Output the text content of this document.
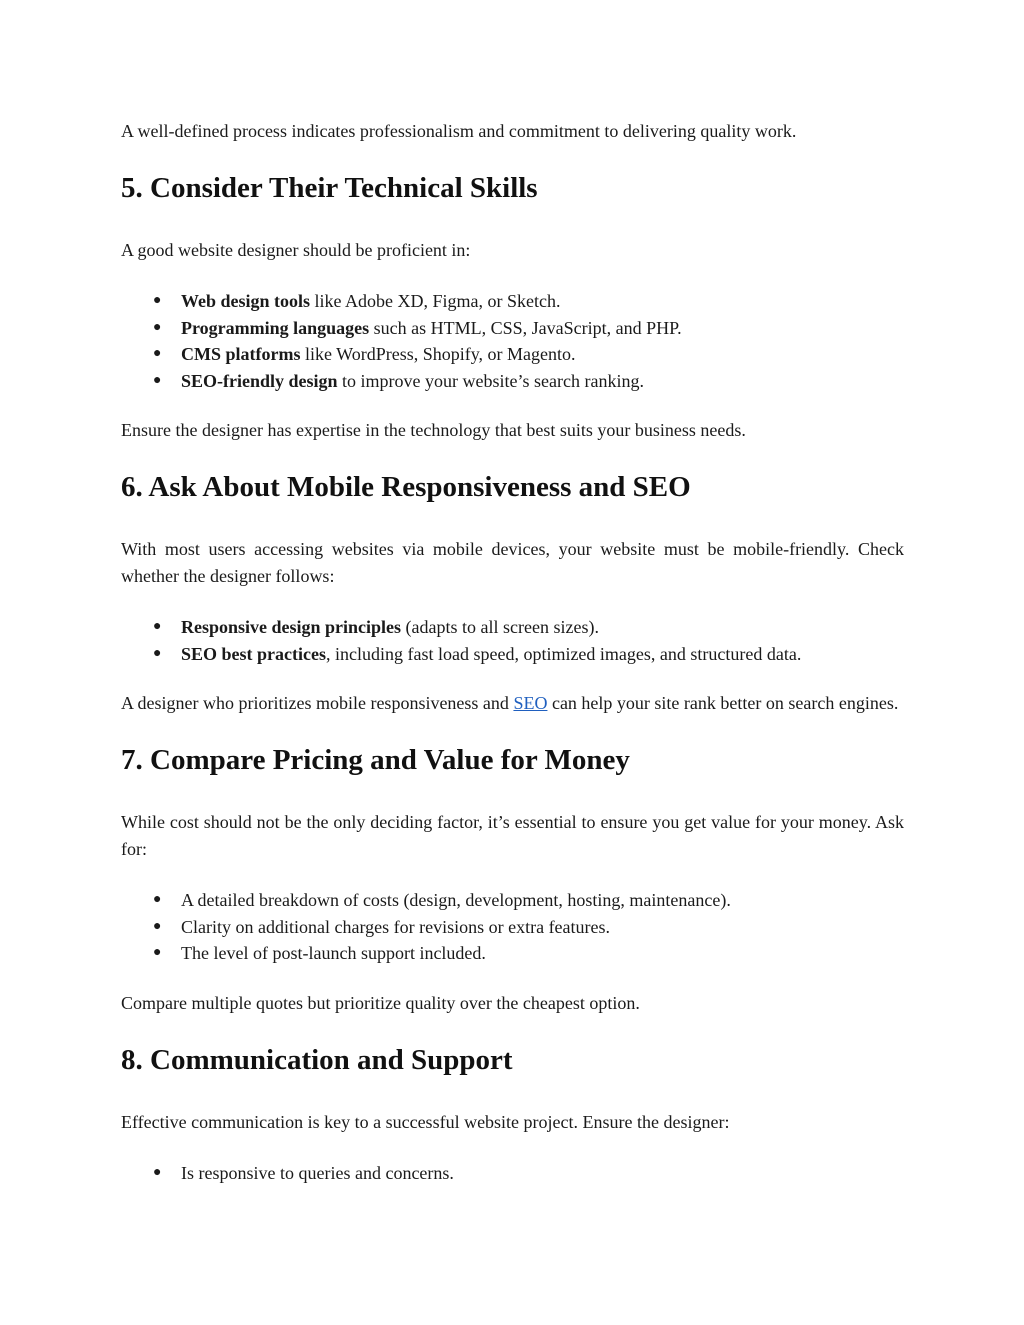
A well-defined process indicates professionalism and commitment to delivering quality work.

5. Consider Their Technical Skills

A good website designer should be proficient in:

● Web design tools like Adobe XD, Figma, or Sketch.
● Programming languages such as HTML, CSS, JavaScript, and PHP.
● CMS platforms like WordPress, Shopify, or Magento.
● SEO-friendly design to improve your website’s search ranking.

Ensure the designer has expertise in the technology that best suits your business needs.

6. Ask About Mobile Responsiveness and SEO

With most users accessing websites via mobile devices, your website must be mobile-friendly. Check whether the designer follows:

● Responsive design principles (adapts to all screen sizes).
● SEO best practices, including fast load speed, optimized images, and structured data.

A designer who prioritizes mobile responsiveness and SEO can help your site rank better on search engines.

7. Compare Pricing and Value for Money

While cost should not be the only deciding factor, it’s essential to ensure you get value for your money. Ask for:

● A detailed breakdown of costs (design, development, hosting, maintenance).
● Clarity on additional charges for revisions or extra features.
● The level of post-launch support included.

Compare multiple quotes but prioritize quality over the cheapest option.

8. Communication and Support

Effective communication is key to a successful website project. Ensure the designer:

● Is responsive to queries and concerns.
